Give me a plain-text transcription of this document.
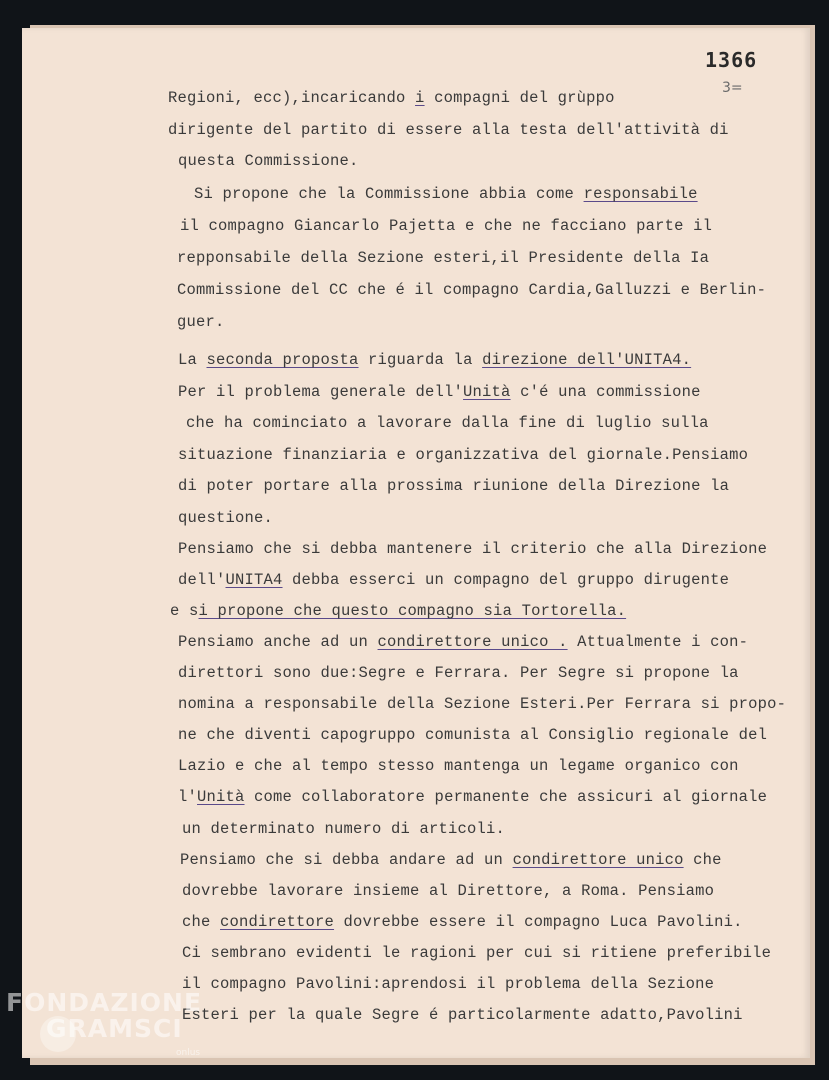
1366
3=
Regioni, ecc),incaricando i compagni del grùppo
dirigente del partito di essere alla testa dell'attività di
questa Commissione.
Si propone che la Commissione abbia come responsabile
il compagno Giancarlo Pajetta e che ne facciano parte il
repponsabile della Sezione esteri,il Presidente della Ia
Commissione del CC che é il compagno Cardia,Galluzzi e Berlin-
guer.
La seconda proposta riguarda la direzione dell'UNITA4.
Per il problema generale dell'Unità c'é una commissione
che ha cominciato a lavorare dalla fine di luglio sulla
situazione finanziaria e organizzativa del giornale.Pensiamo
di poter portare alla prossima riunione della Direzione la
questione.
Pensiamo che si debba mantenere il criterio che alla Direzione
dell'UNITA4 debba esserci un compagno del gruppo dirugente
e si propone che questo compagno sia Tortorella.
Pensiamo anche ad un condirettore unico . Attualmente i con-
direttori sono due:Segre e Ferrara. Per Segre si propone la
nomina a responsabile della Sezione Esteri.Per Ferrara si propo-
ne che diventi capogruppo comunista al Consiglio regionale del
Lazio e che al tempo stesso mantenga un legame organico con
l'Unità come collaboratore permanente che assicuri al giornale
un determinato numero di articoli.
Pensiamo che si debba andare ad un condirettore unico che
dovrebbe lavorare insieme al Direttore, a Roma. Pensiamo
che condirettore dovrebbe essere il compagno Luca Pavolini.
Ci sembrano evidenti le ragioni per cui si ritiene preferibile
il compagno Pavolini:aprendosi il problema della Sezione
Esteri per la quale Segre é particolarmente adatto,Pavolini
FONDAZIONE
GRAMSCI
onlus
